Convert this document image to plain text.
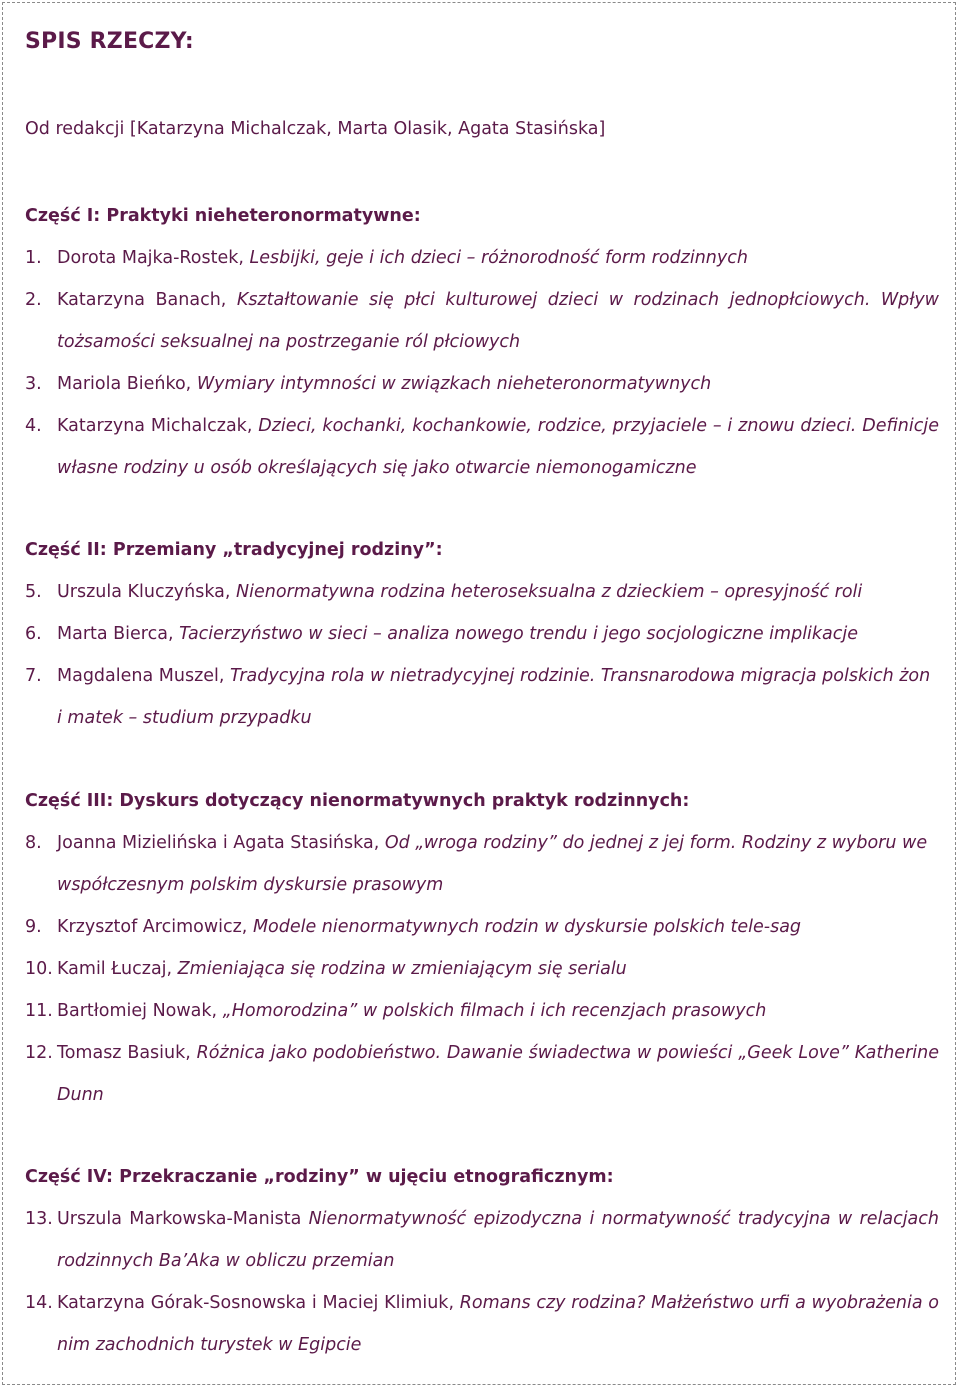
SPIS RZECZY:

Od redakcji [Katarzyna Michalczak, Marta Olasik, Agata Stasińska]

Część I: Praktyki nieheteronormatywne:
1. Dorota Majka-Rostek, Lesbijki, geje i ich dzieci – różnorodność form rodzinnych
2. Katarzyna Banach, Kształtowanie się płci kulturowej dzieci w rodzinach jednopłciowych. Wpływ tożsamości seksualnej na postrzeganie ról płciowych
3. Mariola Bieńko, Wymiary intymności w związkach nieheteronormatywnych
4. Katarzyna Michalczak, Dzieci, kochanki, kochankowie, rodzice, przyjaciele – i znowu dzieci. Definicje własne rodziny u osób określających się jako otwarcie niemonogamiczne
Część II: Przemiany „tradycyjnej rodziny”:
5. Urszula Kluczyńska, Nienormatywna rodzina heteroseksualna z dzieckiem – opresyjność roli
6. Marta Bierca, Tacierzyństwo w sieci – analiza nowego trendu i jego socjologiczne implikacje
7. Magdalena Muszel, Tradycyjna rola w nietradycyjnej rodzinie. Transnarodowa migracja polskich żon i matek – studium przypadku
Część III: Dyskurs dotyczący nienormatywnych praktyk rodzinnych:
8. Joanna Mizielińska i Agata Stasińska, Od „wroga rodziny” do jednej z jej form. Rodziny z wyboru we współczesnym polskim dyskursie prasowym
9. Krzysztof Arcimowicz, Modele nienormatywnych rodzin w dyskursie polskich tele-sag
10. Kamil Łuczaj, Zmieniająca się rodzina w zmieniającym się serialu
11. Bartłomiej Nowak, „Homorodzina” w polskich filmach i ich recenzjach prasowych
12. Tomasz Basiuk, Różnica jako podobieństwo. Dawanie świadectwa w powieści „Geek Love” Katherine Dunn
Część IV: Przekraczanie „rodziny” w ujęciu etnograficznym:
13. Urszula Markowska-Manista Nienormatywność epizodyczna i normatywność tradycyjna w relacjach rodzinnych Ba’Aka w obliczu przemian
14. Katarzyna Górak-Sosnowska i Maciej Klimiuk, Romans czy rodzina? Małżeństwo urfi a wyobrażenia o nim zachodnich turystek w Egipcie
